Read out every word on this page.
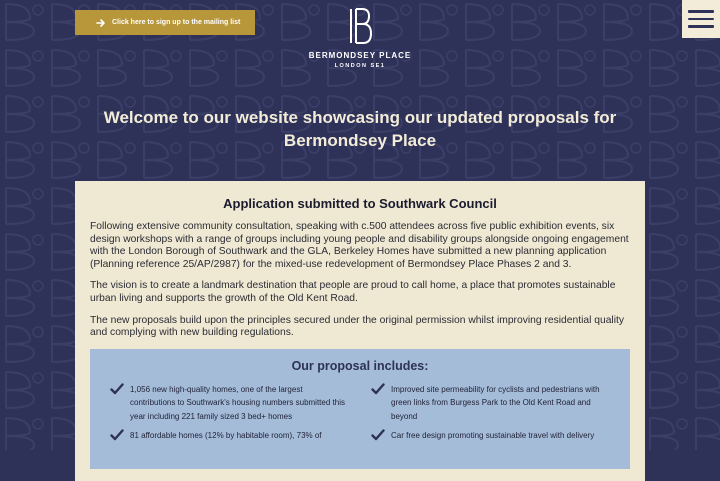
Click here to sign up to the mailing list
BERMONDSEY PLACE
LONDON SE1
Welcome to our website showcasing our updated proposals for
Bermondsey Place
Application submitted to Southwark Council

Following extensive community consultation, speaking with c.500 attendees across five public exhibition events, six design workshops with a range of groups including young people and disability groups alongside ongoing engagement with the London Borough of Southwark and the GLA, Berkeley Homes have submitted a new planning application (Planning reference 25/AP/2987) for the mixed-use redevelopment of Bermondsey Place Phases 2 and 3.

The vision is to create a landmark destination that people are proud to call home, a place that promotes sustainable urban living and supports the growth of the Old Kent Road.

The new proposals build upon the principles secured under the original permission whilst improving residential quality and complying with new building regulations.

Our proposal includes:
1,056 new high-quality homes, one of the largest contributions to Southwark's housing numbers submitted this year including 221 family sized 3 bed+ homes
Improved site permeability for cyclists and pedestrians with green links from Burgess Park to the Old Kent Road and beyond
81 affordable homes (12% by habitable room), 73% of	Car free design promoting sustainable travel with delivery
